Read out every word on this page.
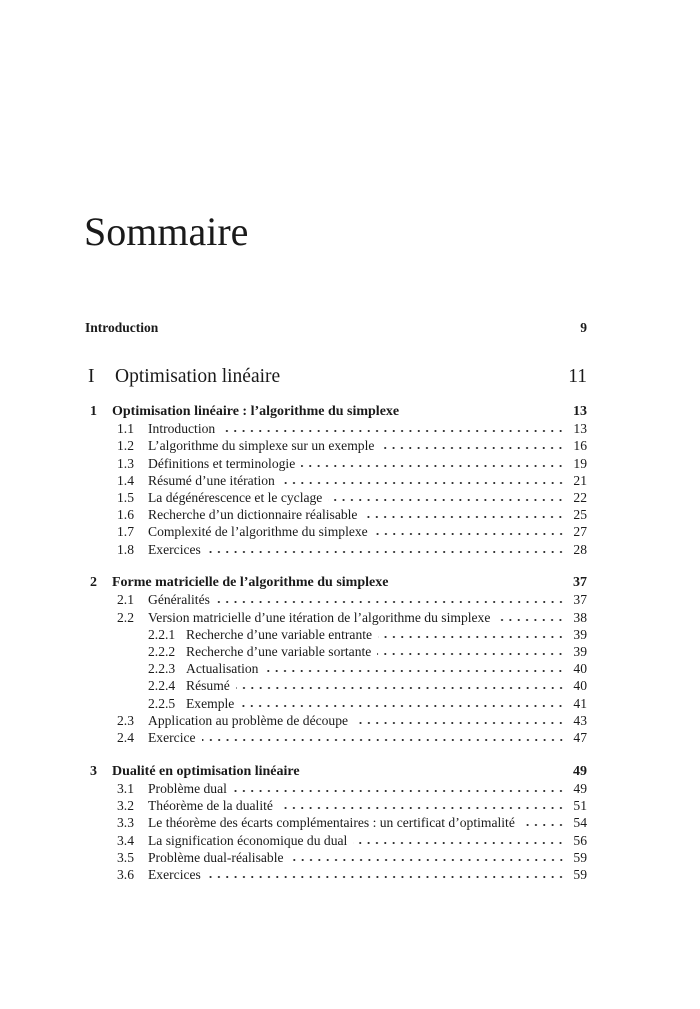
Sommaire
Introduction	9
I	Optimisation linéaire	11
1	Optimisation linéaire : l’algorithme du simplexe	13
1.1	Introduction	13
1.2	L’algorithme du simplexe sur un exemple	16
1.3	Définitions et terminologie	19
1.4	Résumé d’une itération	21
1.5	La dégénérescence et le cyclage	22
1.6	Recherche d’un dictionnaire réalisable	25
1.7	Complexité de l’algorithme du simplexe	27
1.8	Exercices	28
2	Forme matricielle de l’algorithme du simplexe	37
2.1	Généralités	37
2.2	Version matricielle d’une itération de l’algorithme du simplexe	38
2.2.1 Recherche d’une variable entrante	39
2.2.2 Recherche d’une variable sortante	39
2.2.3 Actualisation	40
2.2.4 Résumé	40
2.2.5 Exemple	41
2.3	Application au problème de découpe	43
2.4	Exercice	47
3	Dualité en optimisation linéaire	49
3.1	Problème dual	49
3.2	Théorème de la dualité	51
3.3	Le théorème des écarts complémentaires : un certificat d’optimalité	54
3.4	La signification économique du dual	56
3.5	Problème dual-réalisable	59
3.6	Exercices	59
